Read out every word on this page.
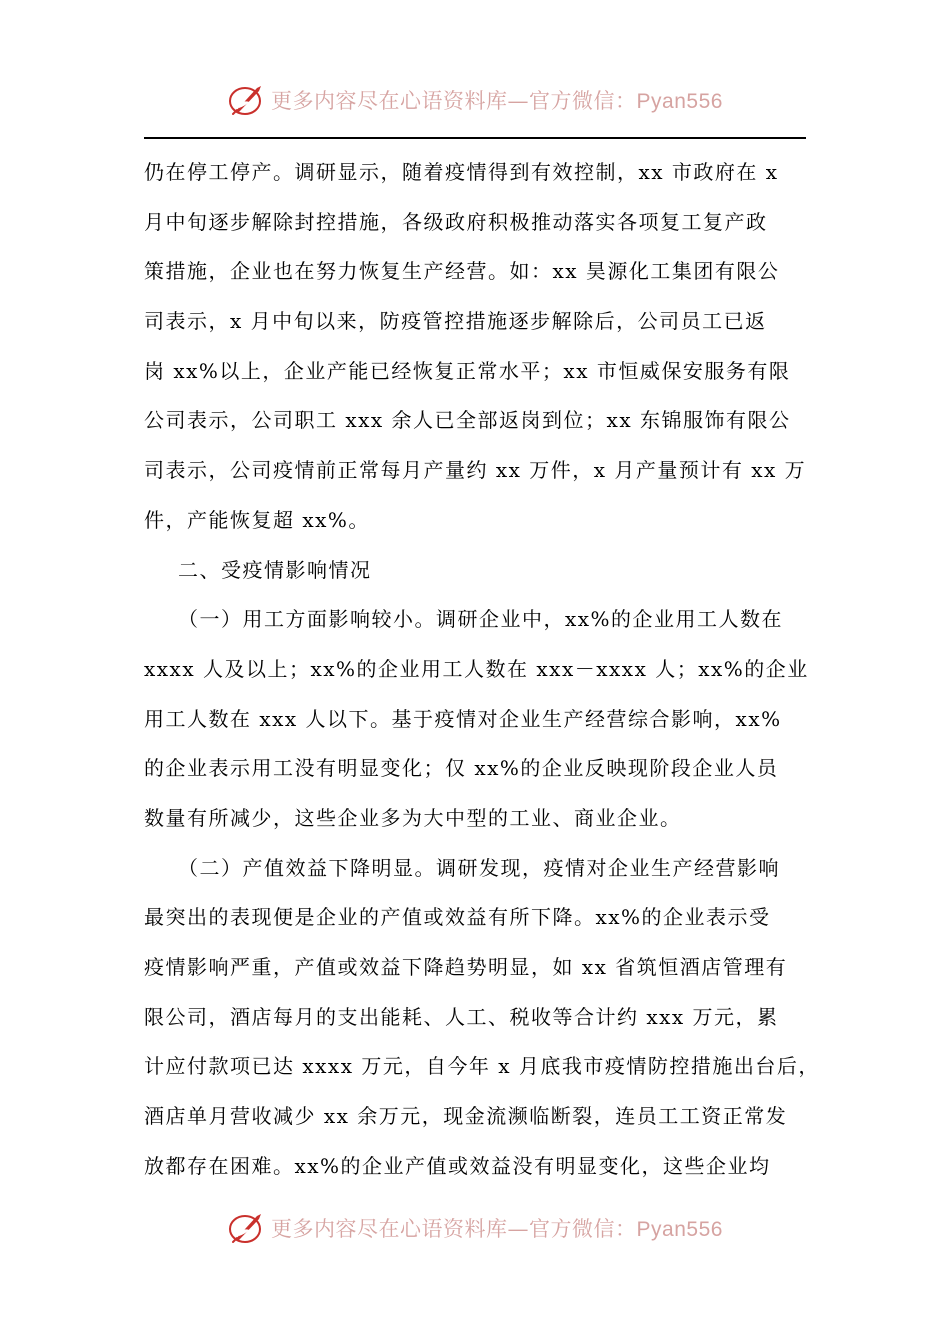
更多内容尽在心语资料库—官方微信：Pyan556
仍在停工停产。调研显示，随着疫情得到有效控制，xx 市政府在 x
月中旬逐步解除封控措施，各级政府积极推动落实各项复工复产政
策措施，企业也在努力恢复生产经营。如：xx 昊源化工集团有限公
司表示，x 月中旬以来，防疫管控措施逐步解除后，公司员工已返
岗 xx%以上，企业产能已经恢复正常水平；xx 市恒威保安服务有限
公司表示，公司职工 xxx 余人已全部返岗到位；xx 东锦服饰有限公
司表示，公司疫情前正常每月产量约 xx 万件，x 月产量预计有 xx 万
件，产能恢复超 xx%。
二、受疫情影响情况
（一）用工方面影响较小。调研企业中，xx%的企业用工人数在
xxxx 人及以上；xx%的企业用工人数在 xxx－xxxx 人；xx%的企业
用工人数在 xxx 人以下。基于疫情对企业生产经营综合影响，xx%
的企业表示用工没有明显变化；仅 xx%的企业反映现阶段企业人员
数量有所减少，这些企业多为大中型的工业、商业企业。
（二）产值效益下降明显。调研发现，疫情对企业生产经营影响
最突出的表现便是企业的产值或效益有所下降。xx%的企业表示受
疫情影响严重，产值或效益下降趋势明显，如 xx 省筑恒酒店管理有
限公司，酒店每月的支出能耗、人工、税收等合计约 xxx 万元，累
计应付款项已达 xxxx 万元，自今年 x 月底我市疫情防控措施出台后，
酒店单月营收减少 xx 余万元，现金流濒临断裂，连员工工资正常发
放都存在困难。xx%的企业产值或效益没有明显变化，这些企业均
更多内容尽在心语资料库—官方微信：Pyan556
